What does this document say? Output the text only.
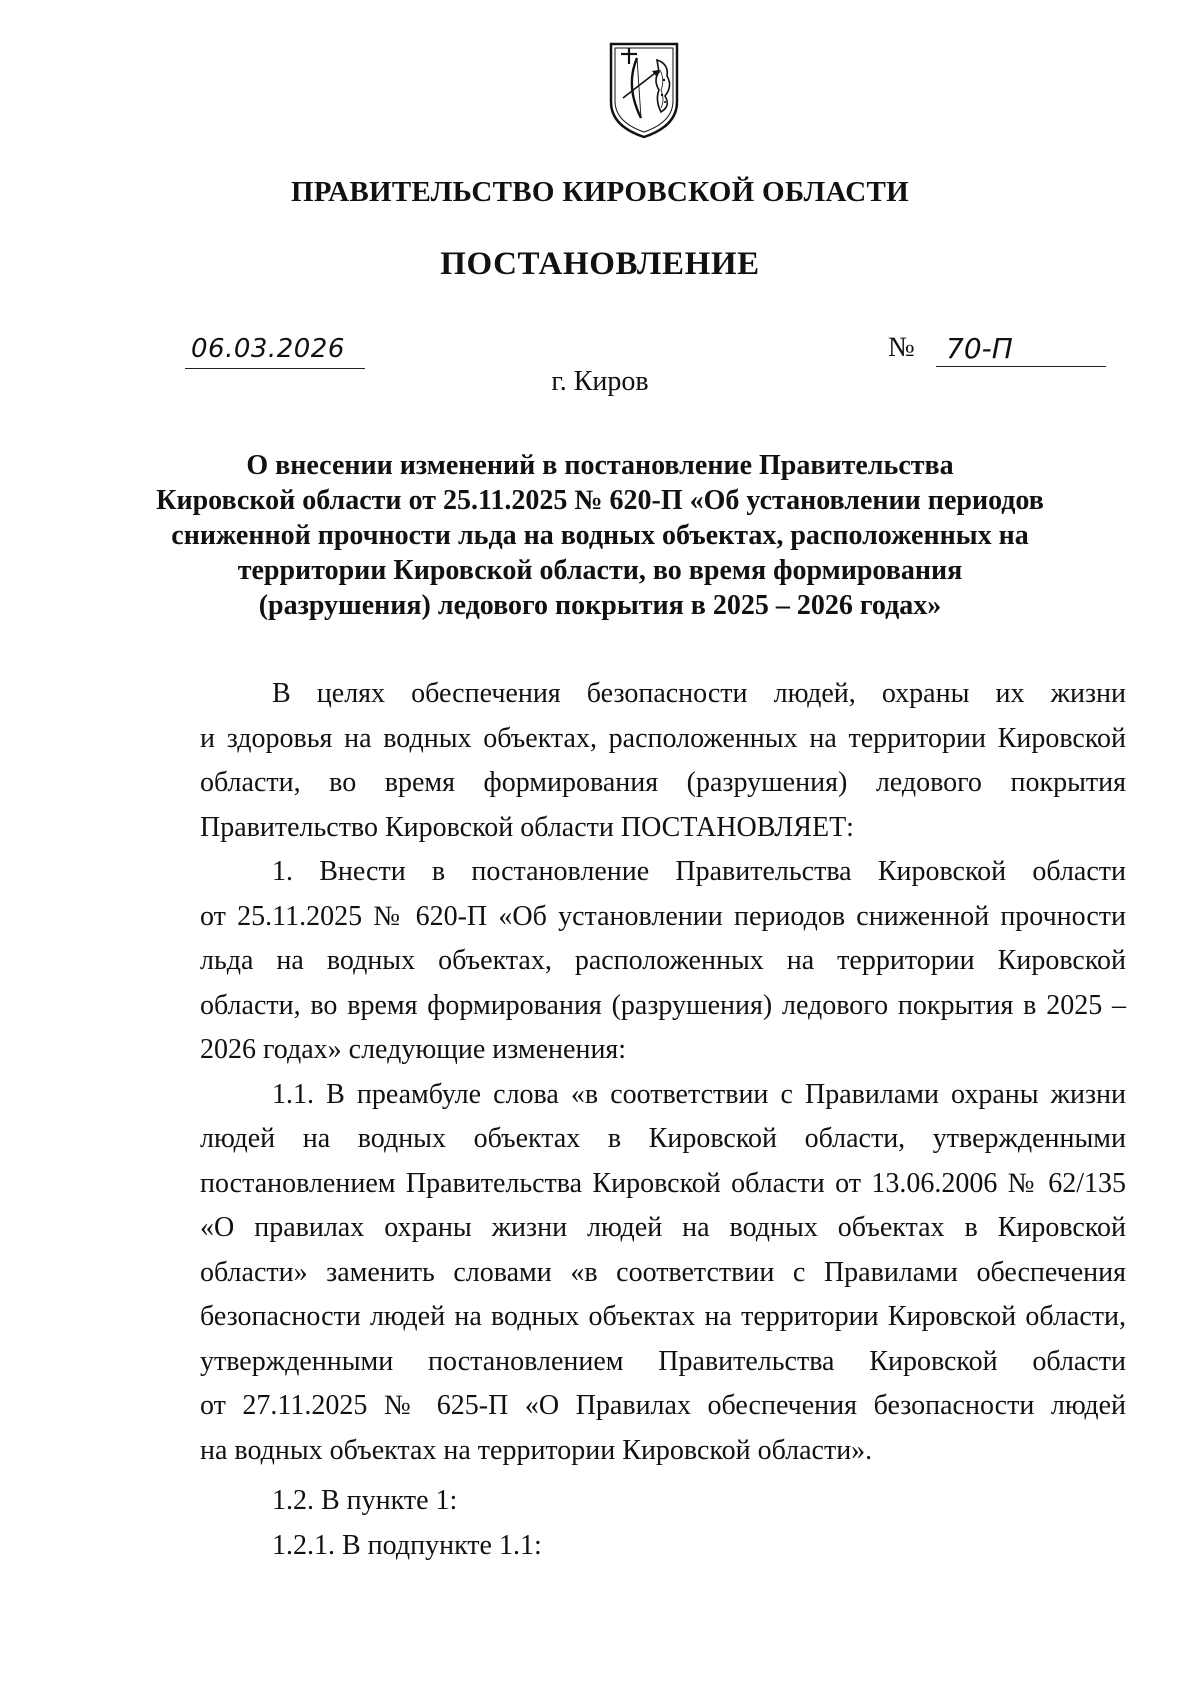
ПРАВИТЕЛЬСТВО КИРОВСКОЙ ОБЛАСТИ
ПОСТАНОВЛЕНИЕ
06.03.2026	№ 70-П
г. Киров
О внесении изменений в постановление Правительства
Кировской области от 25.11.2025 № 620-П «Об установлении периодов
сниженной прочности льда на водных объектах, расположенных на
территории Кировской области, во время формирования
(разрушения) ледового покрытия в 2025 – 2026 годах»
В целях обеспечения безопасности людей, охраны их жизни
и здоровья на водных объектах, расположенных на территории Кировской
области, во время формирования (разрушения) ледового покрытия
Правительство Кировской области ПОСТАНОВЛЯЕТ:
1. Внести в постановление Правительства Кировской области
от 25.11.2025 № 620-П «Об установлении периодов сниженной прочности
льда на водных объектах, расположенных на территории Кировской
области, во время формирования (разрушения) ледового покрытия в 2025 –
2026 годах» следующие изменения:
1.1. В преамбуле слова «в соответствии с Правилами охраны жизни
людей на водных объектах в Кировской области, утвержденными
постановлением Правительства Кировской области от 13.06.2006 № 62/135
«О правилах охраны жизни людей на водных объектах в Кировской
области» заменить словами «в соответствии с Правилами обеспечения
безопасности людей на водных объектах на территории Кировской области,
утвержденными постановлением Правительства Кировской области
от 27.11.2025 № 625-П «О Правилах обеспечения безопасности людей
на водных объектах на территории Кировской области».
1.2. В пункте 1:
1.2.1. В подпункте 1.1:
